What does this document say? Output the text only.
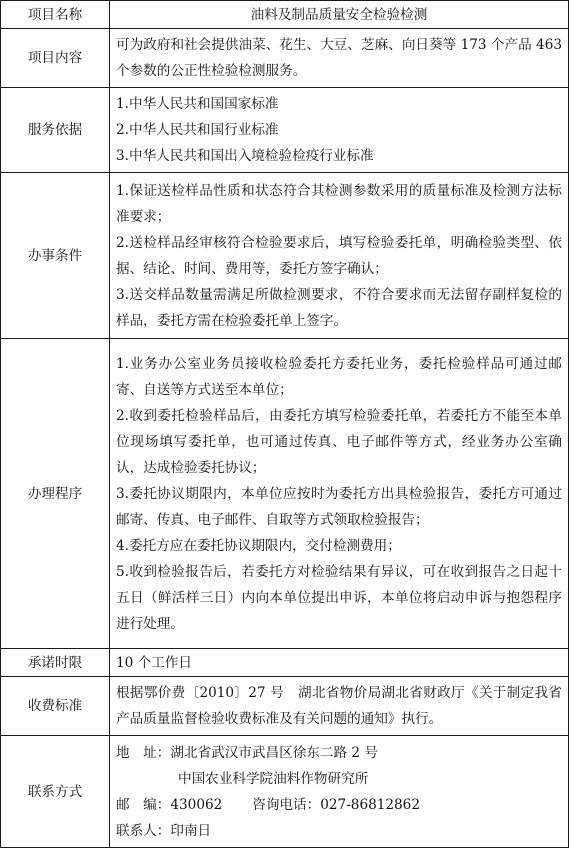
项目名称	油料及制品质量安全检验检测
项目内容	可为政府和社会提供油菜、花生、大豆、芝麻、向日葵等 173 个产品 463 个参数的公正性检验检测服务。
服务依据	1.中华人民共和国国家标准
2.中华人民共和国行业标准
3.中华人民共和国出入境检验检疫行业标准

办事条件	1.保证送检样品性质和状态符合其检测参数采用的质量标准及检测方法标准要求；
2.送检样品经审核符合检验要求后，填写检验委托单，明确检验类型、依据、结论、时间、费用等，委托方签字确认；
3.送交样品数量需满足所做检测要求，不符合要求而无法留存副样复检的样品，委托方需在检验委托单上签字。

办理程序	1.业务办公室业务员接收检验委托方委托业务，委托检验样品可通过邮寄、自送等方式送至本单位；
2.收到委托检验样品后，由委托方填写检验委托单，若委托方不能至本单位现场填写委托单，也可通过传真、电子邮件等方式，经业务办公室确认，达成检验委托协议；
3.委托协议期限内，本单位应按时为委托方出具检验报告，委托方可通过邮寄、传真、电子邮件、自取等方式领取检验报告；
4.委托方应在委托协议期限内，交付检测费用；
5.收到检验报告后，若委托方对检验结果有异议，可在收到报告之日起十五日（鲜活样三日）内向本单位提出申诉，本单位将启动申诉与抱怨程序进行处理。

承诺时限	10 个工作日
收费标准	根据鄂价费〔2010〕27 号　湖北省物价局湖北省财政厅《关于制定我省产品质量监督检验收费标准及有关问题的通知》执行。
联系方式	地　址：湖北省武汉市武昌区徐东二路 2 号
中国农业科学院油料作物研究所
邮　编：430062 咨询电话：027-86812862
联系人：印南日
